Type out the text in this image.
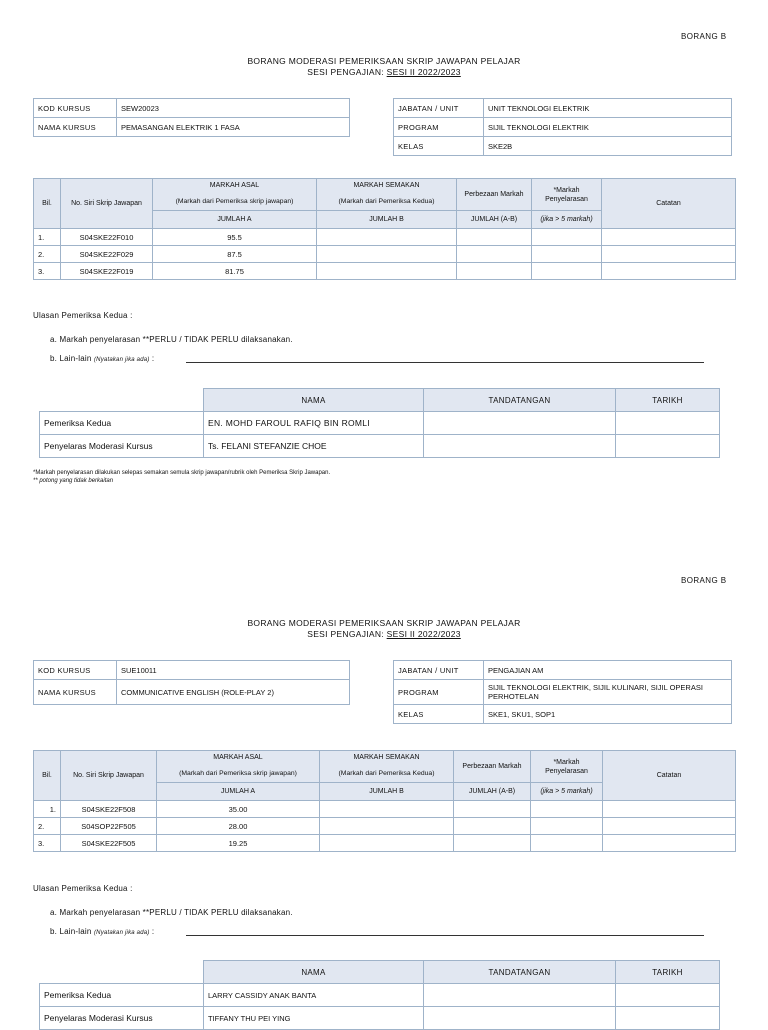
BORANG B
BORANG MODERASI PEMERIKSAAN SKRIP JAWAPAN PELAJAR
SESI PENGAJIAN: SESI II 2022/2023
KOD KURSUS	SEW20023
NAMA KURSUS	PEMASANGAN ELEKTRIK 1 FASA
JABATAN / UNIT	UNIT TEKNOLOGI ELEKTRIK
PROGRAM	SIJIL TEKNOLOGI ELEKTRIK
KELAS	SKE2B
Bil.	No. Siri Skrip Jawapan	MARKAH ASAL	MARKAH SEMAKAN	Perbezaan Markah	*Markah Penyelarasan	Catatan
		(Markah dari Pemeriksa skrip jawapan)	(Markah dari Pemeriksa Kedua)			
		JUMLAH A	JUMLAH B	JUMLAH (A-B)	(jika > 5 markah)	
1.	S04SKE22F010	95.5				
2.	S04SKE22F029	87.5				
3.	S04SKE22F019	81.75				
Ulasan Pemeriksa Kedua :
a. Markah penyelarasan **PERLU / TIDAK PERLU dilaksanakan.
b. Lain-lain (Nyatakan jika ada) :
	NAMA	TANDATANGAN	TARIKH
Pemeriksa Kedua	EN. MOHD FAROUL RAFIQ BIN ROMLI		
Penyelaras Moderasi Kursus	Ts. FELANI STEFANZIE CHOE		
*Markah penyelarasan dilakukan selepas semakan semula skrip jawapan/rubrik oleh Pemeriksa Skrip Jawapan.
** potong yang tidak berkaitan
BORANG B
BORANG MODERASI PEMERIKSAAN SKRIP JAWAPAN PELAJAR
SESI PENGAJIAN: SESI II 2022/2023
KOD KURSUS	SUE10011
NAMA KURSUS	COMMUNICATIVE ENGLISH (ROLE-PLAY 2)
JABATAN / UNIT	PENGAJIAN AM
PROGRAM	SIJIL TEKNOLOGI ELEKTRIK, SIJIL KULINARI, SIJIL OPERASI PERHOTELAN
KELAS	SKE1, SKU1, SOP1
Bil.	No. Siri Skrip Jawapan	MARKAH ASAL	MARKAH SEMAKAN	Perbezaan Markah	*Markah Penyelarasan	Catatan
		(Markah dari Pemeriksa skrip jawapan)	(Markah dari Pemeriksa Kedua)			
		JUMLAH A	JUMLAH B	JUMLAH (A-B)	(jika > 5 markah)	
1.	S04SKE22F508	35.00				
2.	S04SOP22F505	28.00				
3.	S04SKE22F505	19.25				
Ulasan Pemeriksa Kedua :
a. Markah penyelarasan **PERLU / TIDAK PERLU dilaksanakan.
b. Lain-lain (Nyatakan jika ada) :
	NAMA	TANDATANGAN	TARIKH
Pemeriksa Kedua	LARRY CASSIDY ANAK BANTA		
Penyelaras Moderasi Kursus	TIFFANY THU PEI YING		
